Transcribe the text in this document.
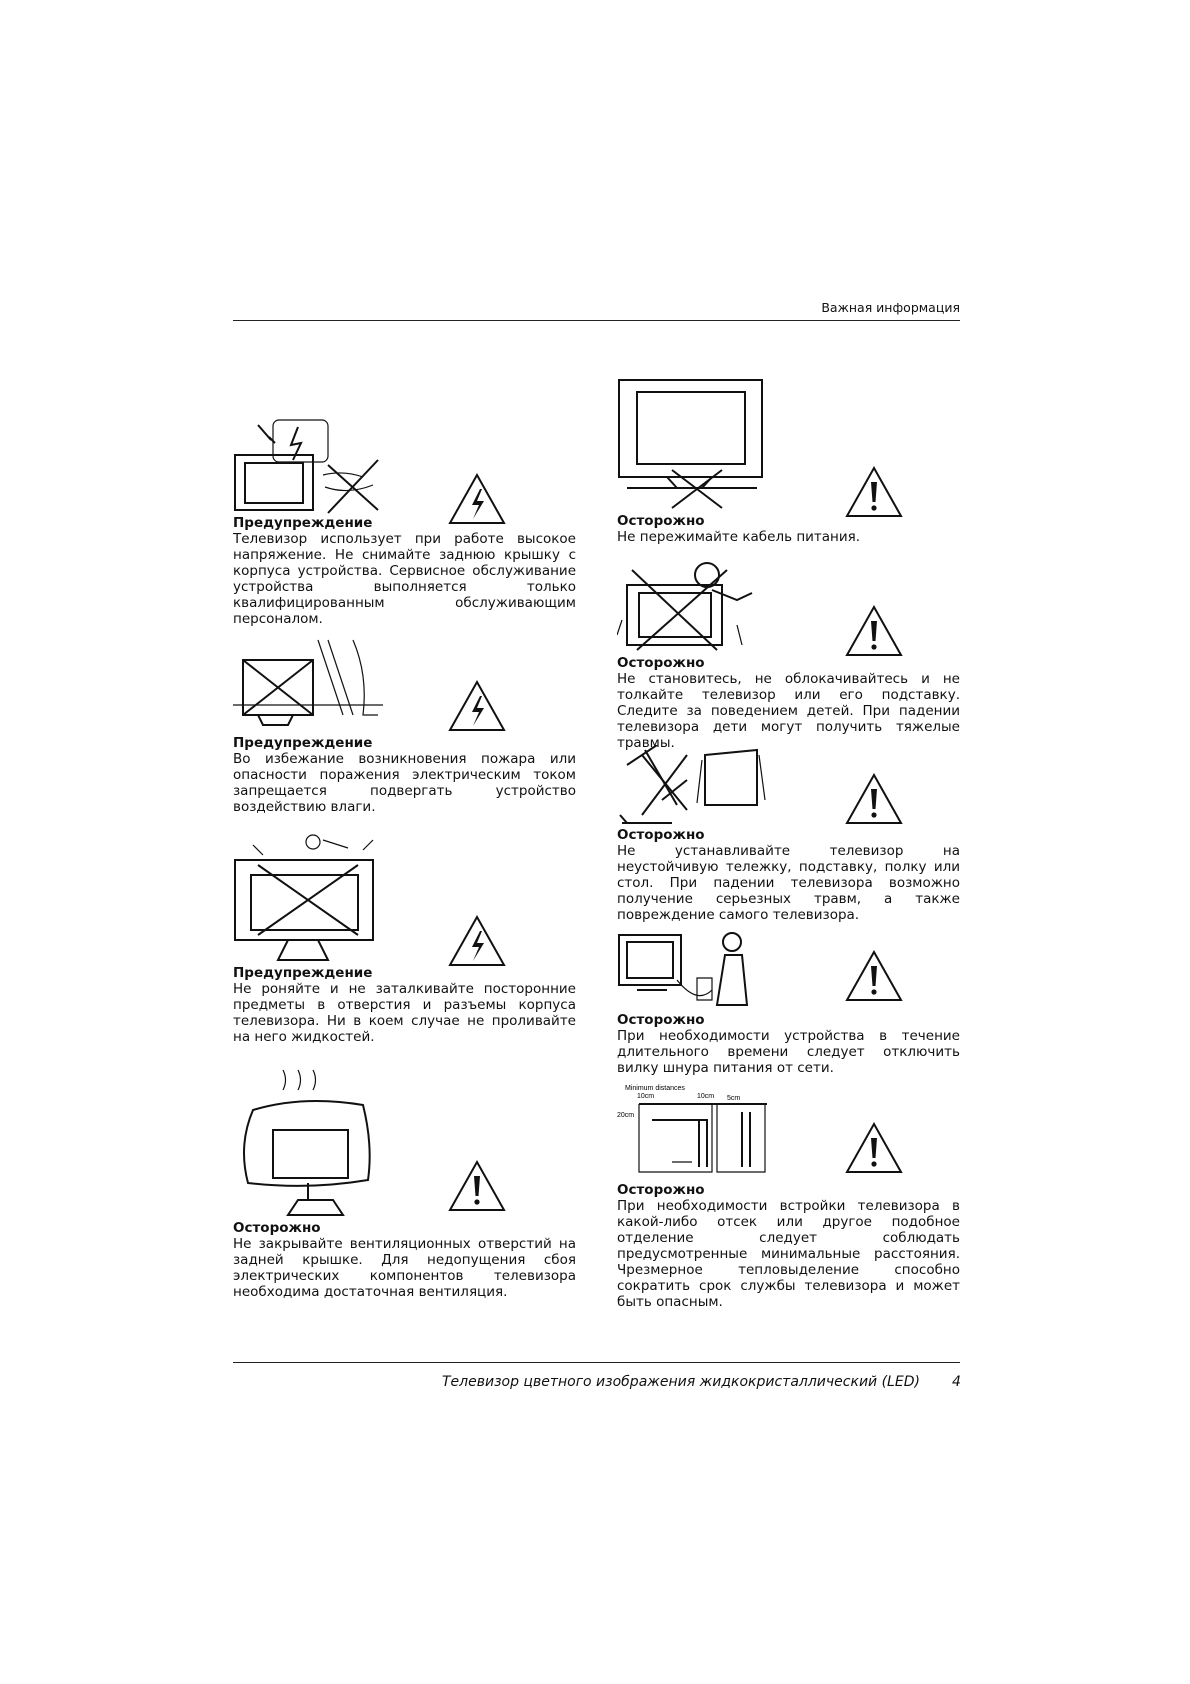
Важная информация

Предупреждение

Телевизор использует при работе высокое напряжение. Не снимайте заднюю крышку с корпуса устройства. Сервисное обслуживание устройства выполняется только квалифицированным обслуживающим персоналом.

Предупреждение

Во избежание возникновения пожара или опасности поражения электрическим током запрещается подвергать устройство воздействию влаги.

Предупреждение

Не роняйте и не заталкивайте посторонние предметы в отверстия и разъемы корпуса телевизора. Ни в коем случае не проливайте на него жидкостей.

Осторожно

Не закрывайте вентиляционных отверстий на задней крышке. Для недопущения сбоя электрических компонентов телевизора необходима достаточная вентиляция.

Осторожно

Не пережимайте кабель питания.

Осторожно

Не становитесь, не облокачивайтесь и не толкайте телевизор или его подставку. Следите за поведением детей. При падении телевизора дети могут получить тяжелые травмы.

Осторожно

Не устанавливайте телевизор на неустойчивую тележку, подставку, полку или стол. При падении телевизора возможно получение серьезных травм, а также повреждение самого телевизора.

Осторожно

При необходимости устройства в течение длительного времени следует отключить вилку шнура питания от сети.

Minimum distances
10cm	10cm 5cm
20cm

Осторожно

При необходимости встройки телевизора в какой-либо отсек или другое подобное отделение следует соблюдать предусмотренные минимальные расстояния. Чрезмерное тепловыделение способно сократить срок службы телевизора и может быть опасным.

Телевизор цветного изображения жидкокристаллический (LED) 4
